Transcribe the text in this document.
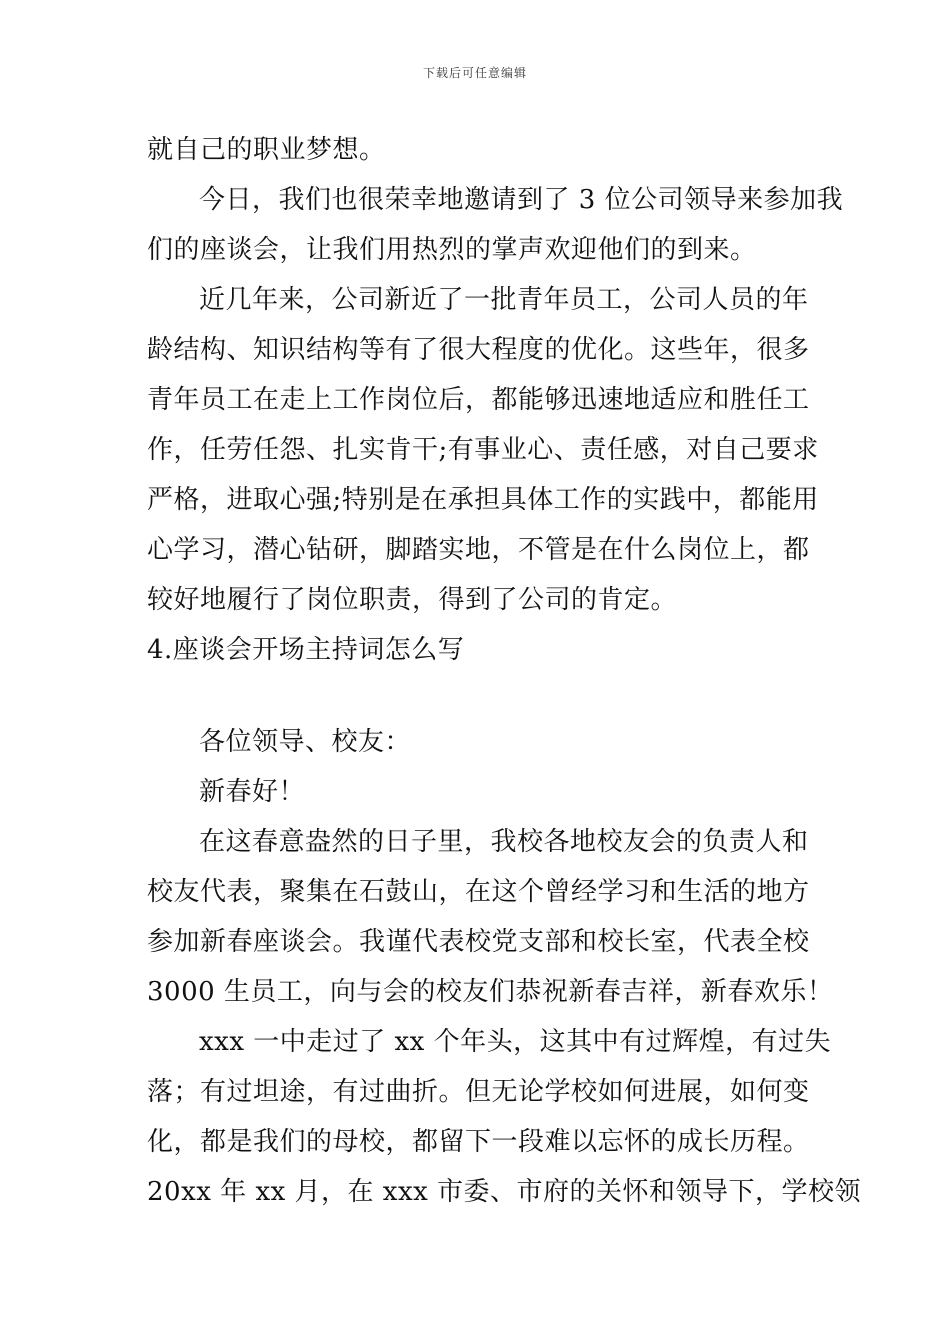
下载后可任意编辑
就自己的职业梦想。
今日，我们也很荣幸地邀请到了 3 位公司领导来参加我
们的座谈会，让我们用热烈的掌声欢迎他们的到来。
近几年来，公司新近了一批青年员工，公司人员的年
龄结构、知识结构等有了很大程度的优化。这些年，很多
青年员工在走上工作岗位后，都能够迅速地适应和胜任工
作，任劳任怨、扎实肯干;有事业心、责任感，对自己要求
严格，进取心强;特别是在承担具体工作的实践中，都能用
心学习，潜心钻研，脚踏实地，不管是在什么岗位上，都
较好地履行了岗位职责，得到了公司的肯定。
4.座谈会开场主持词怎么写
各位领导、校友：
新春好！
在这春意盎然的日子里，我校各地校友会的负责人和
校友代表，聚集在石鼓山，在这个曾经学习和生活的地方
参加新春座谈会。我谨代表校党支部和校长室，代表全校
3000 生员工，向与会的校友们恭祝新春吉祥，新春欢乐！
xxx 一中走过了 xx 个年头，这其中有过辉煌，有过失
落；有过坦途，有过曲折。但无论学校如何进展，如何变
化，都是我们的母校，都留下一段难以忘怀的成长历程。
20xx 年 xx 月，在 xxx 市委、市府的关怀和领导下，学校领
